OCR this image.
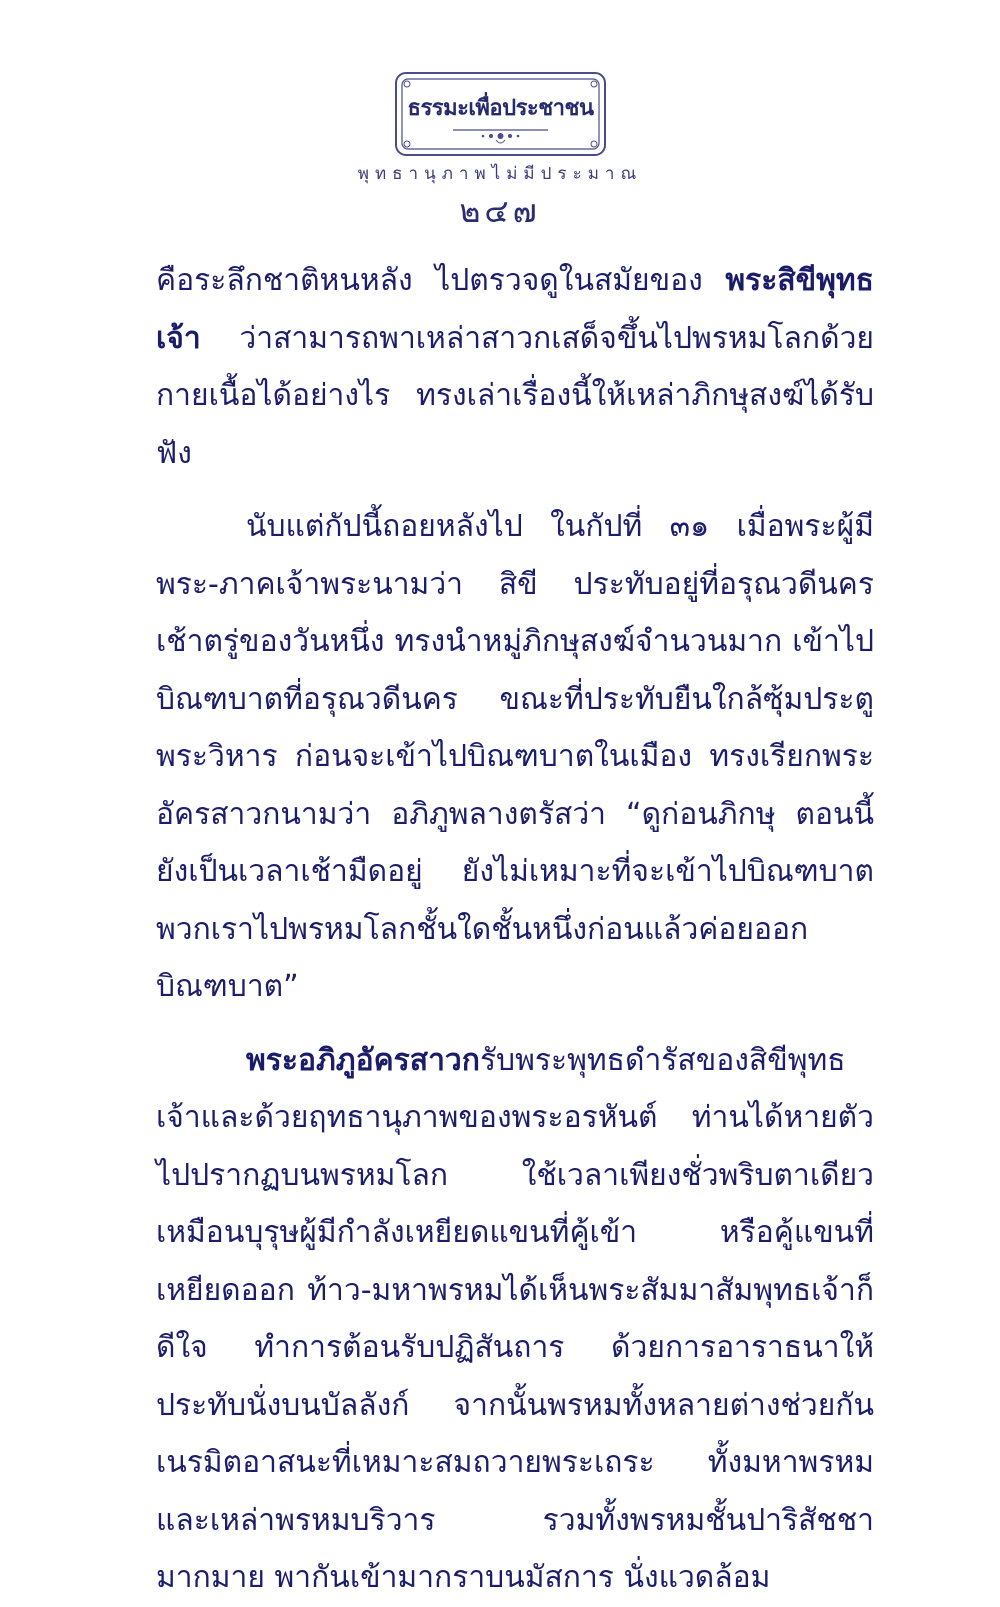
ธรรมะเพื่อประชาชน
พุทธานุภาพไม่มีประมาณ
๒๔๗

คือระลึกชาติหนหลัง ไปตรวจดูในสมัยของ พระสิขีพุทธเจ้า ว่าสามารถพาเหล่าสาวกเสด็จขึ้นไปพรหมโลกด้วยกายเนื้อได้อย่างไร ทรงเล่าเรื่องนี้ให้เหล่าภิกษุสงฆ์ได้รับฟัง

นับแต่กัปนี้ถอยหลังไป ในกัปที่ ๓๑ เมื่อพระผู้มีพระ-ภาคเจ้าพระนามว่า สิขี ประทับอยู่ที่อรุณวดีนคร เช้าตรู่ของวันหนึ่ง ทรงนำหมู่ภิกษุสงฆ์จำนวนมาก เข้าไปบิณฑบาตที่อรุณวดีนคร ขณะที่ประทับยืนใกล้ซุ้มประตูพระวิหาร ก่อนจะเข้าไปบิณฑบาตในเมือง ทรงเรียกพระอัครสาวกนามว่า อภิภูพลางตรัสว่า “ดูก่อนภิกษุ ตอนนี้ยังเป็นเวลาเช้ามืดอยู่ ยังไม่เหมาะที่จะเข้าไปบิณฑบาตพวกเราไปพรหมโลกชั้นใดชั้นหนึ่งก่อนแล้วค่อยออกบิณฑบาต”

พระอภิภูอัครสาวกรับพระพุทธดำรัสของสิขีพุทธเจ้าและด้วยฤทธานุภาพของพระอรหันต์ ท่านได้หายตัวไปปรากฏบนพรหมโลก ใช้เวลาเพียงชั่วพริบตาเดียว เหมือนบุรุษผู้มีกำลังเหยียดแขนที่คู้เข้า หรือคู้แขนที่เหยียดออก ท้าว-มหาพรหมได้เห็นพระสัมมาสัมพุทธเจ้าก็ดีใจ ทำการต้อนรับปฏิสันถาร ด้วยการอาราธนาให้ประทับนั่งบนบัลลังก์ จากนั้นพรหมทั้งหลายต่างช่วยกัน เนรมิตอาสนะที่เหมาะสมถวายพระเถระ ทั้งมหาพรหม และเหล่าพรหมบริวาร รวมทั้งพรหมชั้นปาริสัชชามากมาย พากันเข้ามากราบนมัสการ นั่งแวดล้อม
